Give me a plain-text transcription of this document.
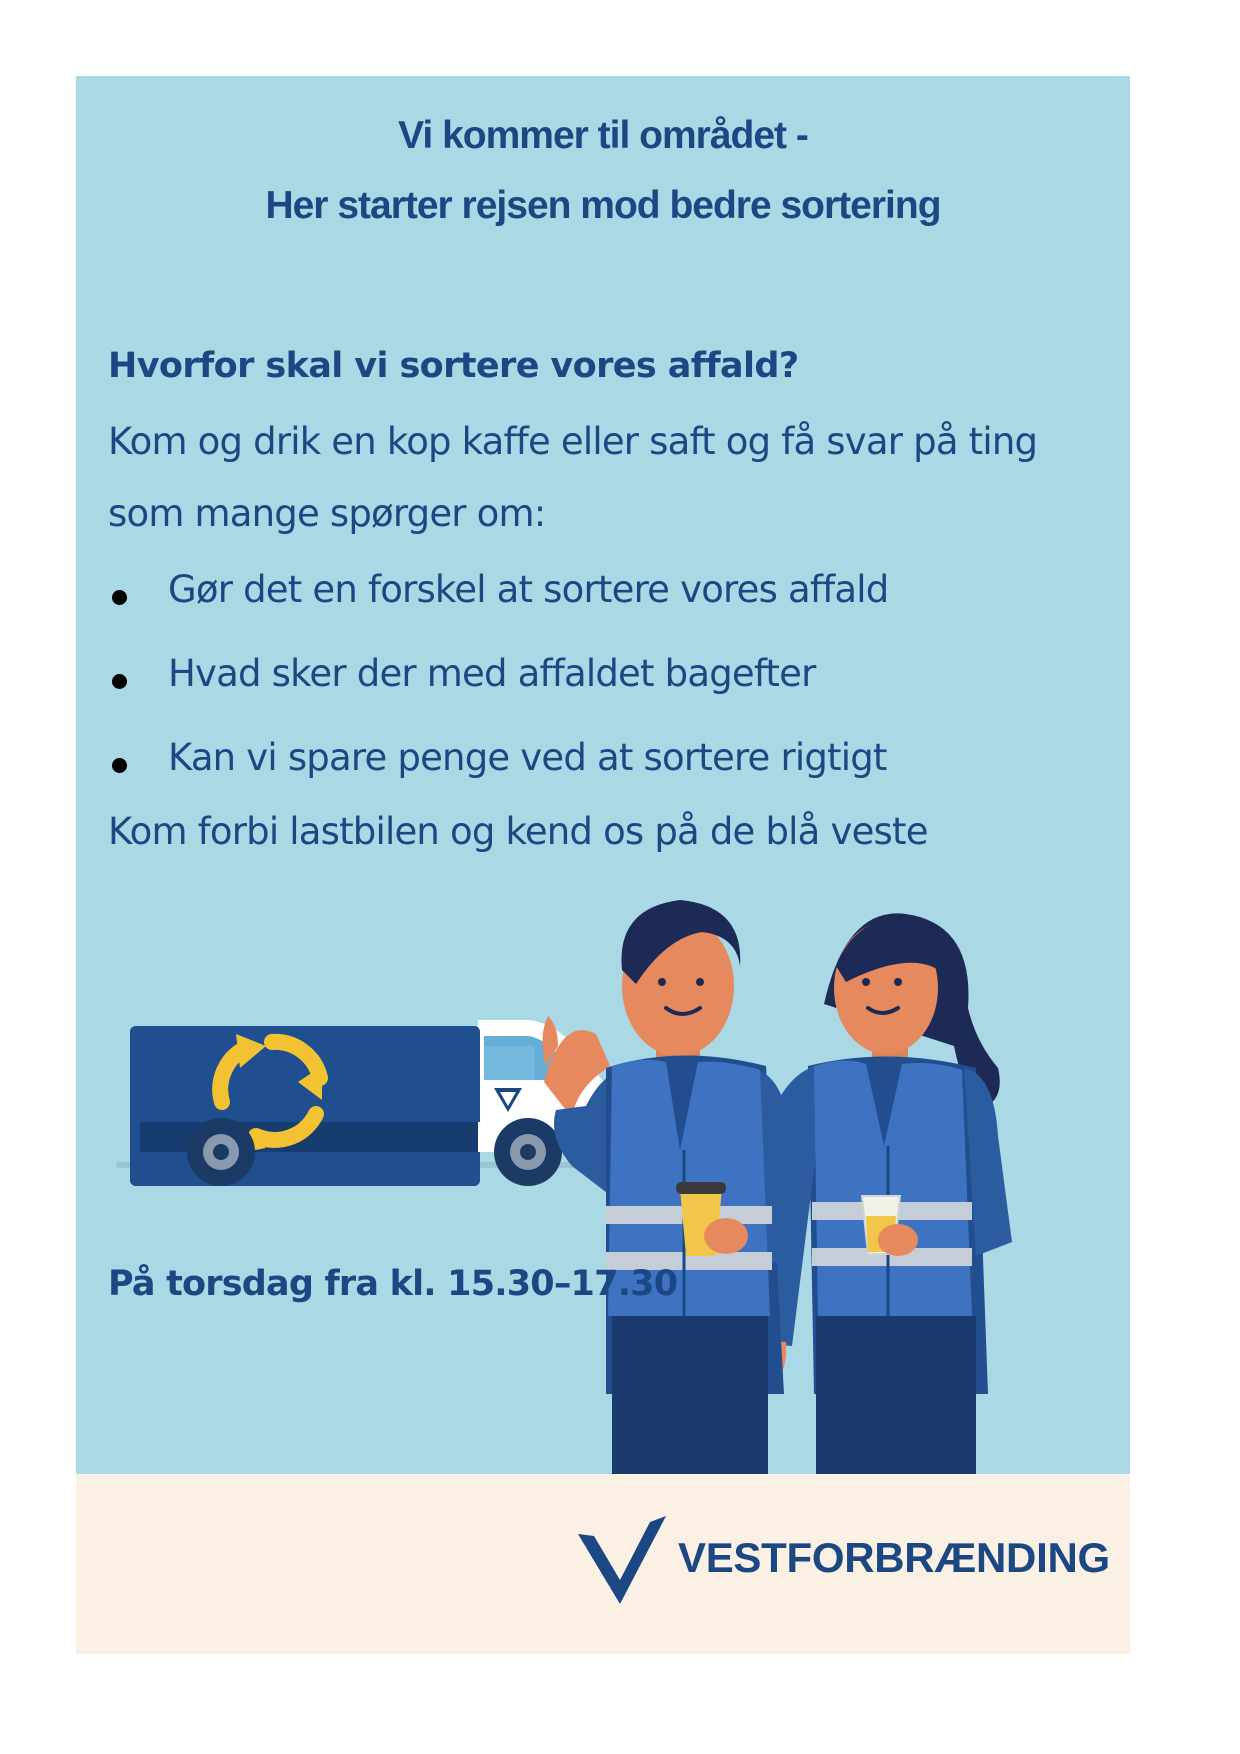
Vi kommer til området -
Her starter rejsen mod bedre sortering

Hvorfor skal vi sortere vores affald?

Kom og drik en kop kaffe eller saft og få svar på ting

som mange spørger om:

Gør det en forskel at sortere vores affald
Hvad sker der med affaldet bagefter
Kan vi spare penge ved at sortere rigtigt

Kom forbi lastbilen og kend os på de blå veste

På torsdag fra kl. 15.30–17.30

VESTFORBRÆNDING
